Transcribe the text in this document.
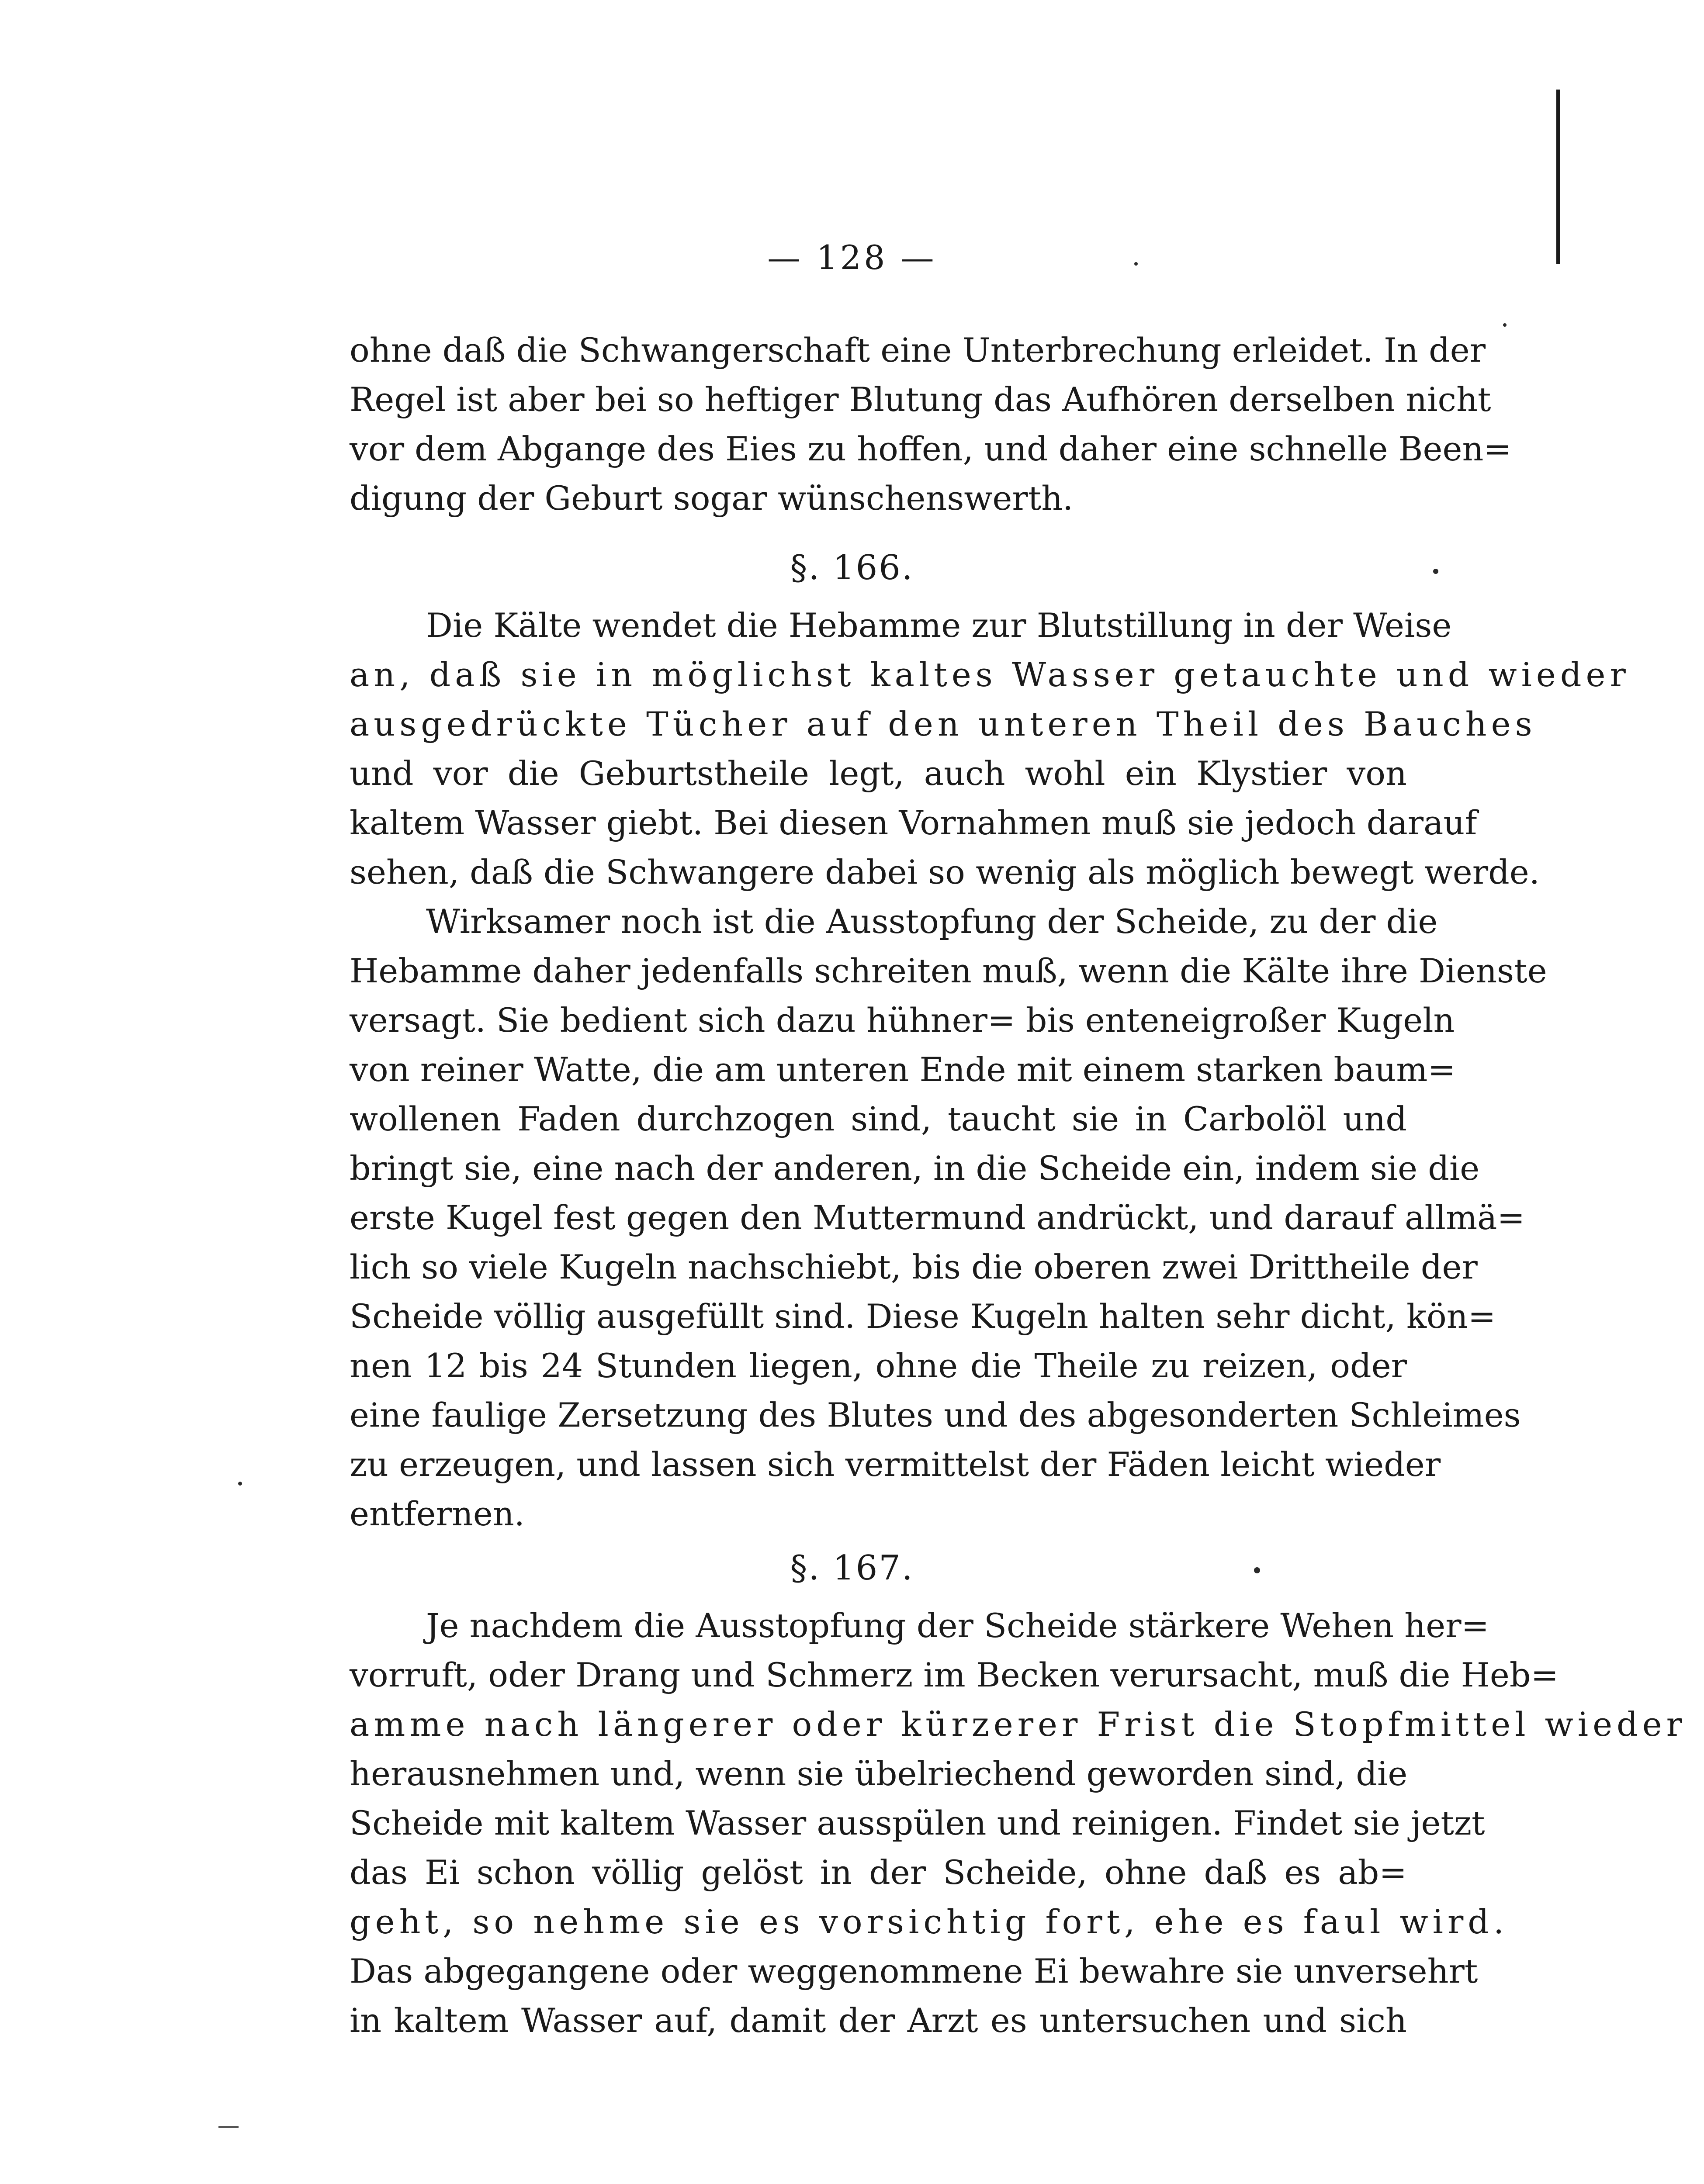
— 128 —
ohne daß die Schwangerschaft eine Unterbrechung erleidet. In der
Regel ist aber bei so heftiger Blutung das Aufhören derselben nicht
vor dem Abgange des Eies zu hoffen, und daher eine schnelle Been=
digung der Geburt sogar wünschenswerth.
§. 166.
Die Kälte wendet die Hebamme zur Blutstillung in der Weise
an, daß sie in möglichst kaltes Wasser getauchte und wieder
ausgedrückte Tücher auf den unteren Theil des Bauches
und vor die Geburtstheile legt, auch wohl ein Klystier von
kaltem Wasser giebt. Bei diesen Vornahmen muß sie jedoch darauf
sehen, daß die Schwangere dabei so wenig als möglich bewegt werde.
Wirksamer noch ist die Ausstopfung der Scheide, zu der die
Hebamme daher jedenfalls schreiten muß, wenn die Kälte ihre Dienste
versagt. Sie bedient sich dazu hühner= bis enteneigroßer Kugeln
von reiner Watte, die am unteren Ende mit einem starken baum=
wollenen Faden durchzogen sind, taucht sie in Carbolöl und
bringt sie, eine nach der anderen, in die Scheide ein, indem sie die
erste Kugel fest gegen den Muttermund andrückt, und darauf allmä=
lich so viele Kugeln nachschiebt, bis die oberen zwei Drittheile der
Scheide völlig ausgefüllt sind. Diese Kugeln halten sehr dicht, kön=
nen 12 bis 24 Stunden liegen, ohne die Theile zu reizen, oder
eine faulige Zersetzung des Blutes und des abgesonderten Schleimes
zu erzeugen, und lassen sich vermittelst der Fäden leicht wieder
entfernen.
§. 167.
Je nachdem die Ausstopfung der Scheide stärkere Wehen her=
vorruft, oder Drang und Schmerz im Becken verursacht, muß die Heb=
amme nach längerer oder kürzerer Frist die Stopfmittel wieder
herausnehmen und, wenn sie übelriechend geworden sind, die
Scheide mit kaltem Wasser ausspülen und reinigen. Findet sie jetzt
das Ei schon völlig gelöst in der Scheide, ohne daß es ab=
geht, so nehme sie es vorsichtig fort, ehe es faul wird.
Das abgegangene oder weggenommene Ei bewahre sie unversehrt
in kaltem Wasser auf, damit der Arzt es untersuchen und sich
